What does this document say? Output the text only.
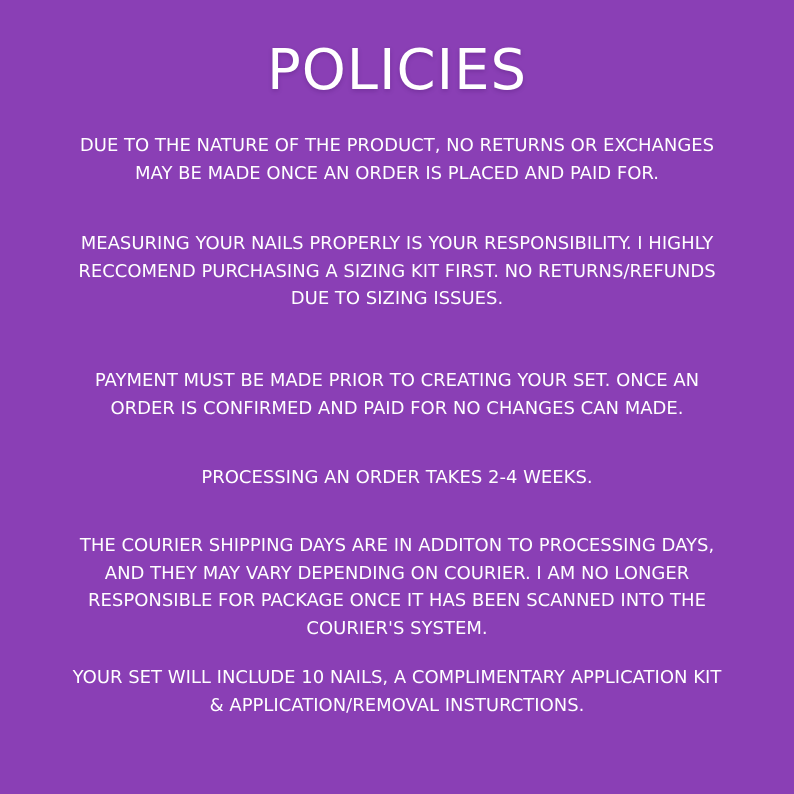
POLICIES

DUE TO THE NATURE OF THE PRODUCT, NO RETURNS OR EXCHANGES MAY BE MADE ONCE AN ORDER IS PLACED AND PAID FOR.

MEASURING YOUR NAILS PROPERLY IS YOUR RESPONSIBILITY. I HIGHLY RECCOMEND PURCHASING A SIZING KIT FIRST. NO RETURNS/REFUNDS DUE TO SIZING ISSUES.

PAYMENT MUST BE MADE PRIOR TO CREATING YOUR SET. ONCE AN ORDER IS CONFIRMED AND PAID FOR NO CHANGES CAN MADE.

PROCESSING AN ORDER TAKES 2-4 WEEKS.

THE COURIER SHIPPING DAYS ARE IN ADDITON TO PROCESSING DAYS, AND THEY MAY VARY DEPENDING ON COURIER. I AM NO LONGER RESPONSIBLE FOR PACKAGE ONCE IT HAS BEEN SCANNED INTO THE COURIER'S SYSTEM.

YOUR SET WILL INCLUDE 10 NAILS, A COMPLIMENTARY APPLICATION KIT & APPLICATION/REMOVAL INSTURCTIONS.
